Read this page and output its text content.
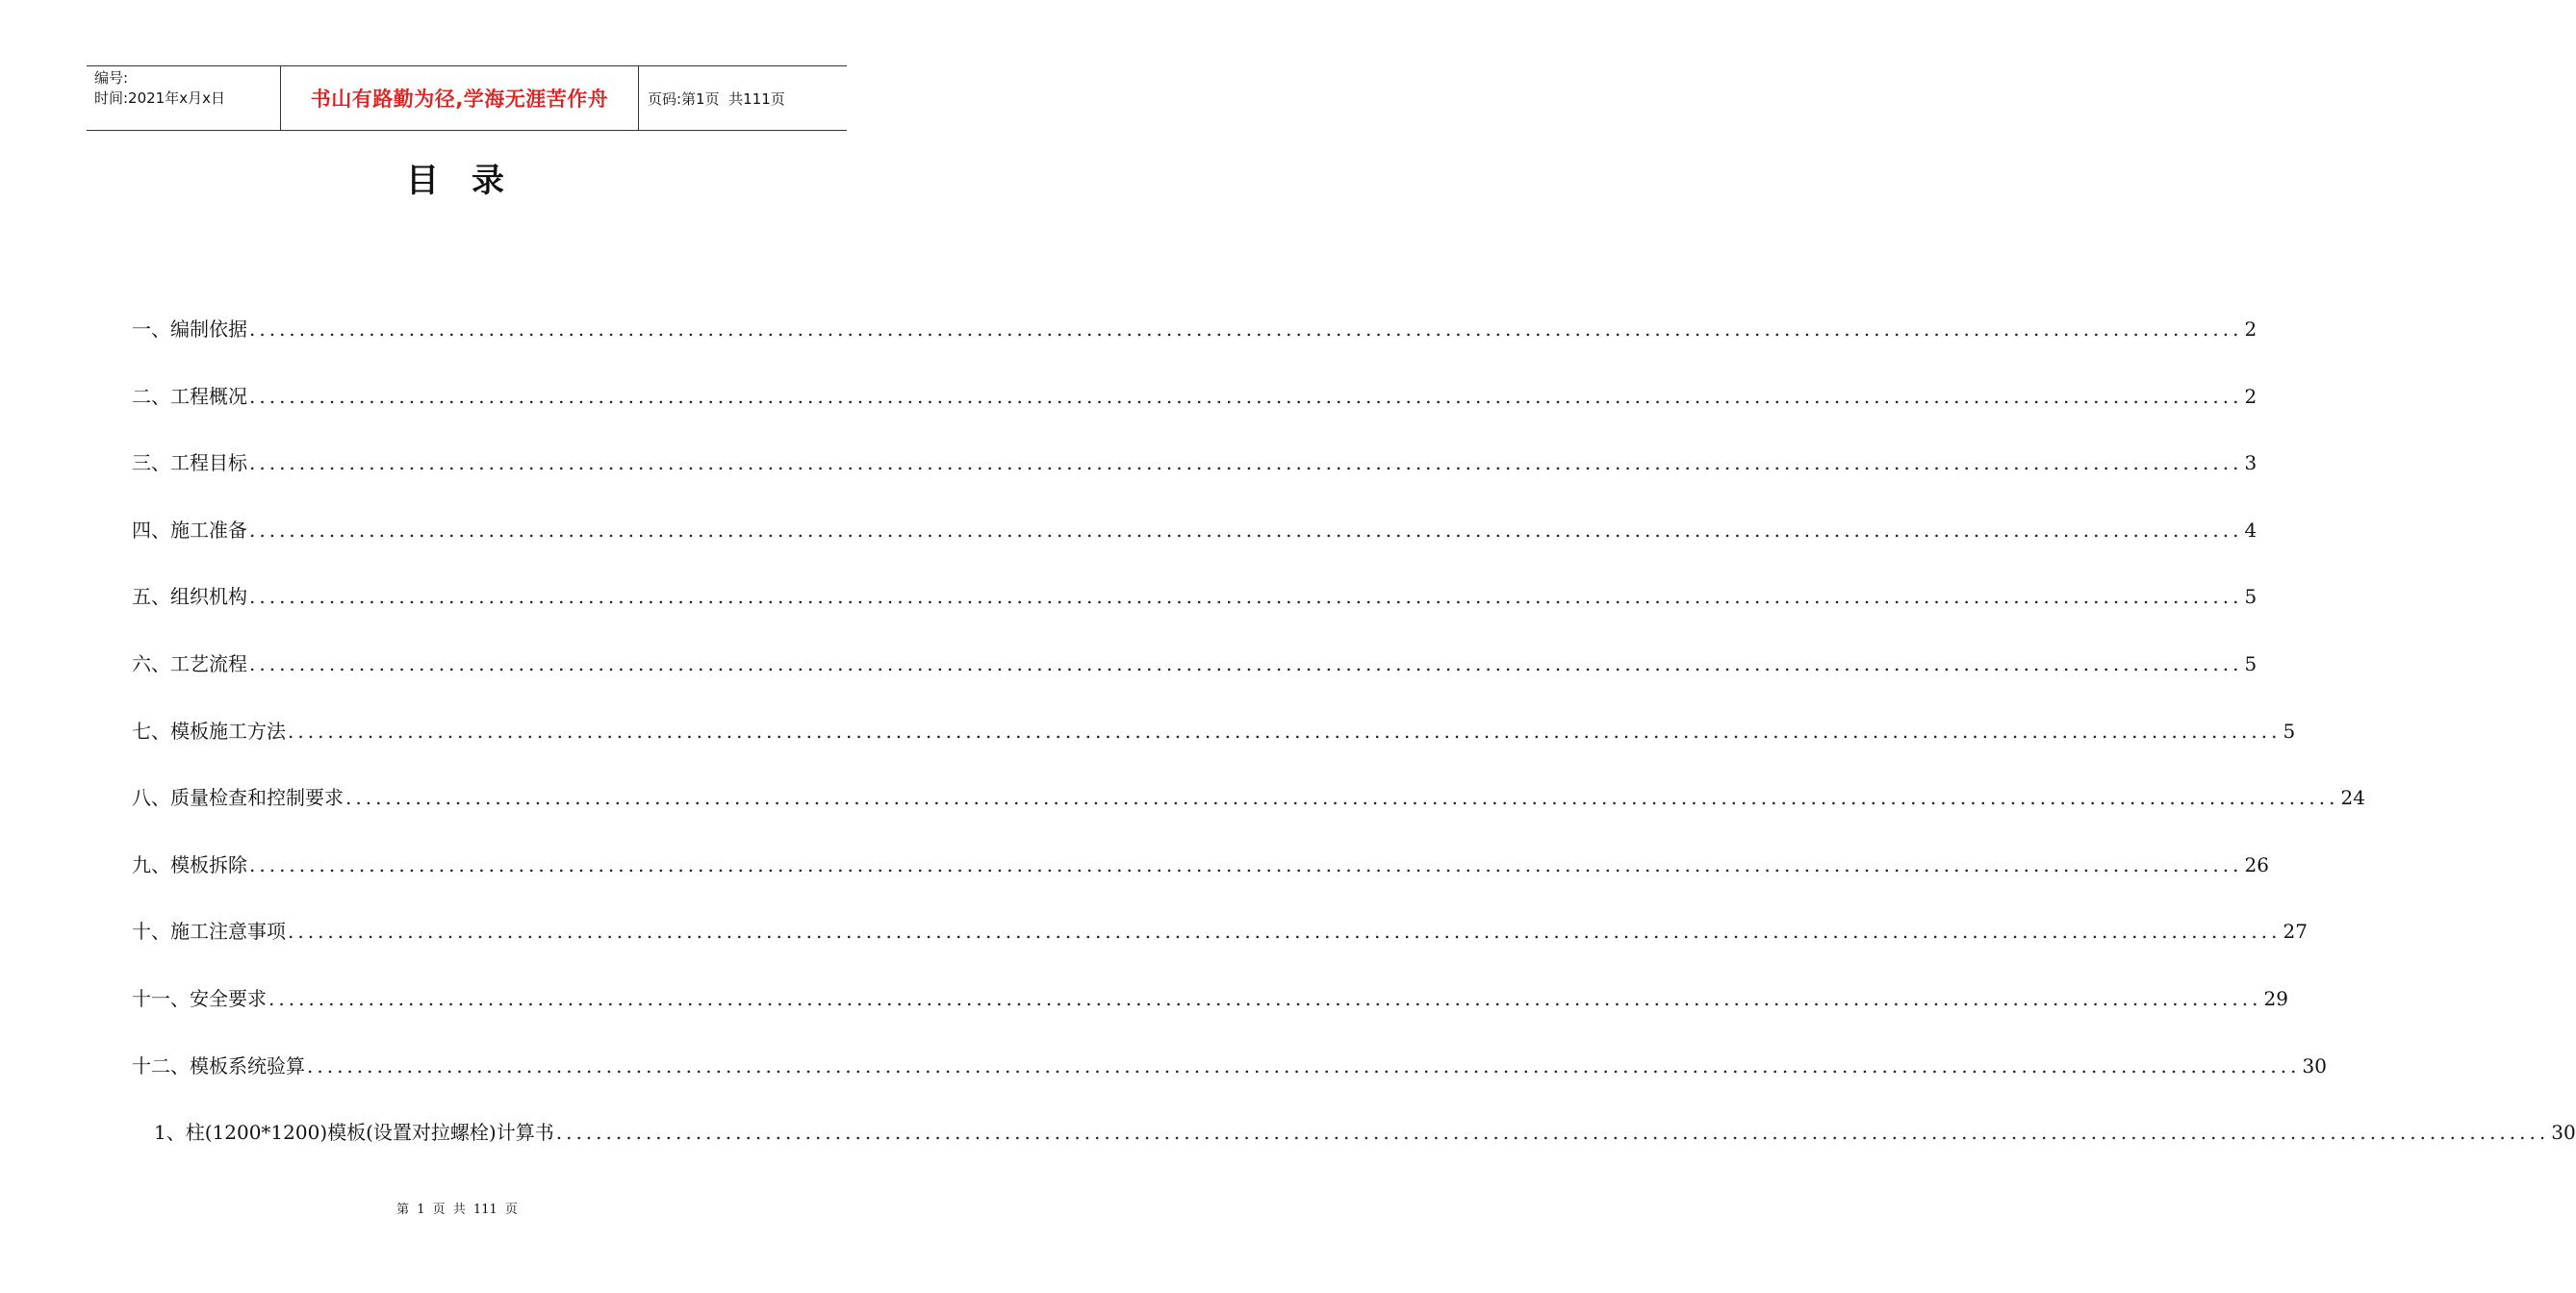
编号:
时间:2021年x月x日	书山有路勤为径,学海无涯苦作舟	页码:第1页  共111页
目 录
一、编制依据 ........................................................................................................................................................................................................ 2
二、工程概况 ........................................................................................................................................................................................................ 2
三、工程目标 ........................................................................................................................................................................................................ 3
四、施工准备 ........................................................................................................................................................................................................ 4
五、组织机构 ........................................................................................................................................................................................................ 5
六、工艺流程 ........................................................................................................................................................................................................ 5
七、模板施工方法 ........................................................................................................................................................................................................ 5
八、质量检查和控制要求 ........................................................................................................................................................................................................ 24
九、模板拆除 ........................................................................................................................................................................................................ 26
十、施工注意事项 ........................................................................................................................................................................................................ 27
十一、安全要求 ........................................................................................................................................................................................................ 29
十二、模板系统验算 ........................................................................................................................................................................................................ 30
1、柱(1200*1200)模板(设置对拉螺栓)计算书 ........................................................................................................................................................................................................ 30
第 1 页 共 111 页
